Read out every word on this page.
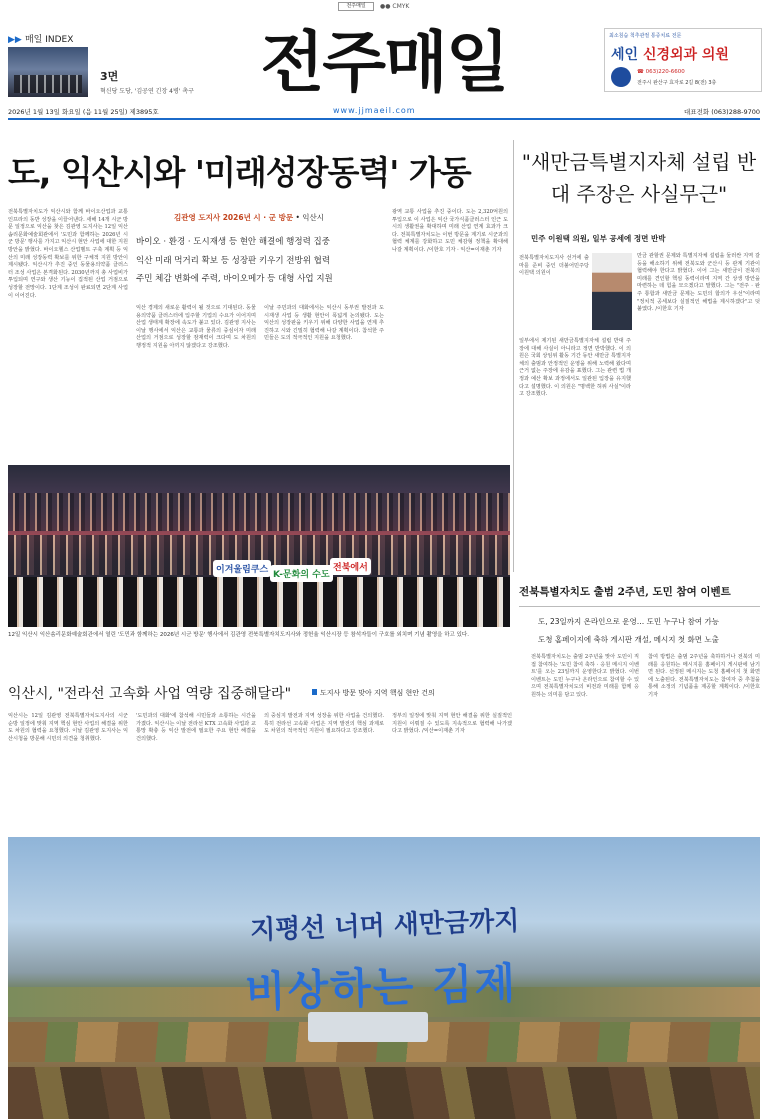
전주매일	●● CMYK
▶▶ 매일 INDEX
3면
혁신당 도당, '김공연 긴장 4병' 촉구 전주매일	최소침습 척추관절 통증치료 전문
세인 신경외과 의원
☎ 063)220-6600
전주시 완산구 효자로 2길 8(전) 3층
2026년 1월 13일 화요일 (음 11월 25일) 제3895호	www.jjmaeil.com	대표전화 (063)288-9700
도, 익산시와 '미래성장동력' 가동
김관영 도지사 2026년 시 · 군 방문 • 익산시
바이오 · 환경 · 도시재생 등 현안 해결에 행정력 집중
익산 미래 먹거리 확보 등 성장판 키우기 전방위 협력
주민 체감 변화에 주력, 바이오메가 등 대형 사업 지원
전북특별자치도가 익산시와 함께 바이오산업과 교통 인프라의 동반 성장을 이끌어낸다. 새해 14개 시군 방문 일정으로 익산을 찾은 김관영 도지사는 12일 익산솜리문화예술회관에서 '도민과 함께하는 2026년 시군 방문' 행사를 가지고 익산시 현안 사업에 대한 지원 방안을 밝혔다. 바이오헬스 산업벨트 구축 계획 등 익산의 미래 성장동력 확보를 위한 구체적 지원 방안이 제시됐다. 익산시가 추진 중인 동물용의약품 클러스터 조성 사업은 본격화된다. 2030년까지 총 사업비가 투입되며 연구와 생산 기능이 집적된 산업 거점으로 성장할 전망이다. 1단계 조성이 완료되면 2단계 사업이 이어진다.
익산 경제의 새로운 활력이 될 것으로 기대된다. 동물용의약품 클러스터에 입주할 기업의 수요가 이어지며 산업 생태계 확장에 속도가 붙고 있다. 김관영 지사는 이날 행사에서 익산은 교통과 물류의 중심이자 미래 산업의 거점으로 성장할 잠재력이 크다며 도 차원의 행정적 지원을 아끼지 않겠다고 강조했다.
이날 주민과의 대화에서는 익산시 동부권 발전과 도시재생 사업 등 생활 현안이 폭넓게 논의됐다. 도는 익산의 성장판을 키우기 위해 다양한 사업을 연계 추진하고 시와 긴밀히 협력해 나갈 계획이다. 참석한 주민들은 도의 적극적인 지원을 요청했다.
광역 교통 사업을 추진 중이다. 도는 2,320억원의 투입으로 이 사업은 익산 국가식품클러스터 인근 도시의 생활권을 확대하며 미래 산업 연계 효과가 크다. 전북특별자치도는 이번 방문을 계기로 시군과의 협력 체계를 강화하고 도민 체감형 정책을 확대해 나갈 계획이다. /이한호 기자 · 익산=이재춘 기자
"새만금특별지자체 설립 반대 주장은 사실무근"
민주 이원택 의원, 일부 공세에 정면 반박
전북특별자치도지사 선거에 출마를 준비 중인 더불어민주당 이원택 의원이
일부에서 제기된 새만금특별지자체 설립 반대 주장에 대해 사실이 아니라고 정면 반박했다. 이 의원은 국회 상임위 활동 기간 동안 새만금 특별지자체의 출범과 안정적인 운영을 위해 노력해 왔다며 근거 없는 주장에 유감을 표했다. 그는 관련 법 개정과 예산 확보 과정에서도 일관된 입장을 유지했다고 설명했다. 이 의원은 "명백한 허위 사실"이라고 강조했다.
만금 관할권 문제와 특별지자체 설립을 둘러싼 지역 갈등을 해소하기 위해 전북도와 군산시 등 관계 기관이 협력해야 한다고 밝혔다. 이어 그는 새만금이 전북의 미래를 견인할 핵심 동력이라며 지역 간 상생 방안을 마련하는 데 힘을 모으겠다고 말했다. 그는 "전주 · 완주 통합과 새만금 문제는 도민의 합의가 우선"이라며 "정치적 공세보다 실질적인 해법을 제시하겠다"고 덧붙였다. /이한호 기자
이겨울림쿠스 K-문화의 수도
전북에서
12일 익산시 익산솜리문화예술회관에서 열린 '도민과 함께하는 2026년 시군 방문' 행사에서 김관영 전북특별자치도지사와 정헌율 익산시장 등 참석자들이 구호를 외치며 기념 촬영을 하고 있다.
전북특별자치도 출범 2주년, 도민 참여 이벤트
도, 23일까지 온라인으로 운영… 도민 누구나 참여 가능
도청 홈페이지에 축하 게시판 개설, 메시지 첫 화면 노출
전북특별자치도는 출범 2주년을 맞아 도민이 직접 참여하는 '도민 참여 축하 · 응원 메시지 이벤트'를 오는 23일까지 운영한다고 밝혔다. 이번 이벤트는 도민 누구나 온라인으로 참여할 수 있으며 전북특별자치도의 비전과 미래를 함께 응원하는 의미를 담고 있다.
참여 방법은 출범 2주년을 축하하거나 전북의 미래를 응원하는 메시지를 홈페이지 게시판에 남기면 된다. 선정된 메시지는 도청 홈페이지 첫 화면에 노출된다. 전북특별자치도는 참여자 중 추첨을 통해 소정의 기념품을 제공할 계획이다. /이한호 기자
익산시, "전라선 고속화 사업 역량 집중해달라"	도지사 방문 맞아 지역 핵심 현안 건의
익산시는 12일 김관영 전북특별자치도지사의 시군 순방 일정에 맞춰 지역 핵심 현안 사업의 해결을 위한 도 차원의 협력을 요청했다. 이날 김관영 도지사는 익산시청을 방문해 시민의 의견을 청취했다.
'도민과의 대화'에 참석해 시민들과 소통하는 시간을 가졌다. 익산시는 이날 전라선 KTX 고속화 사업과 교통망 확충 등 익산 발전에 필요한 주요 현안 해결을 건의했다.
의 중심지 발전과 지역 성장을 위한 사업을 건의했다. 특히 전라선 고속화 사업은 지역 발전의 핵심 과제로 도 차원의 적극적인 지원이 필요하다고 강조했다.
정부의 일정에 맞춰 지역 현안 해결을 위한 실질적인 지원이 이뤄질 수 있도록 지속적으로 협력해 나가겠다고 밝혔다. /익산=이재춘 기자
지평선 너머 새만금까지
비상하는 김제
